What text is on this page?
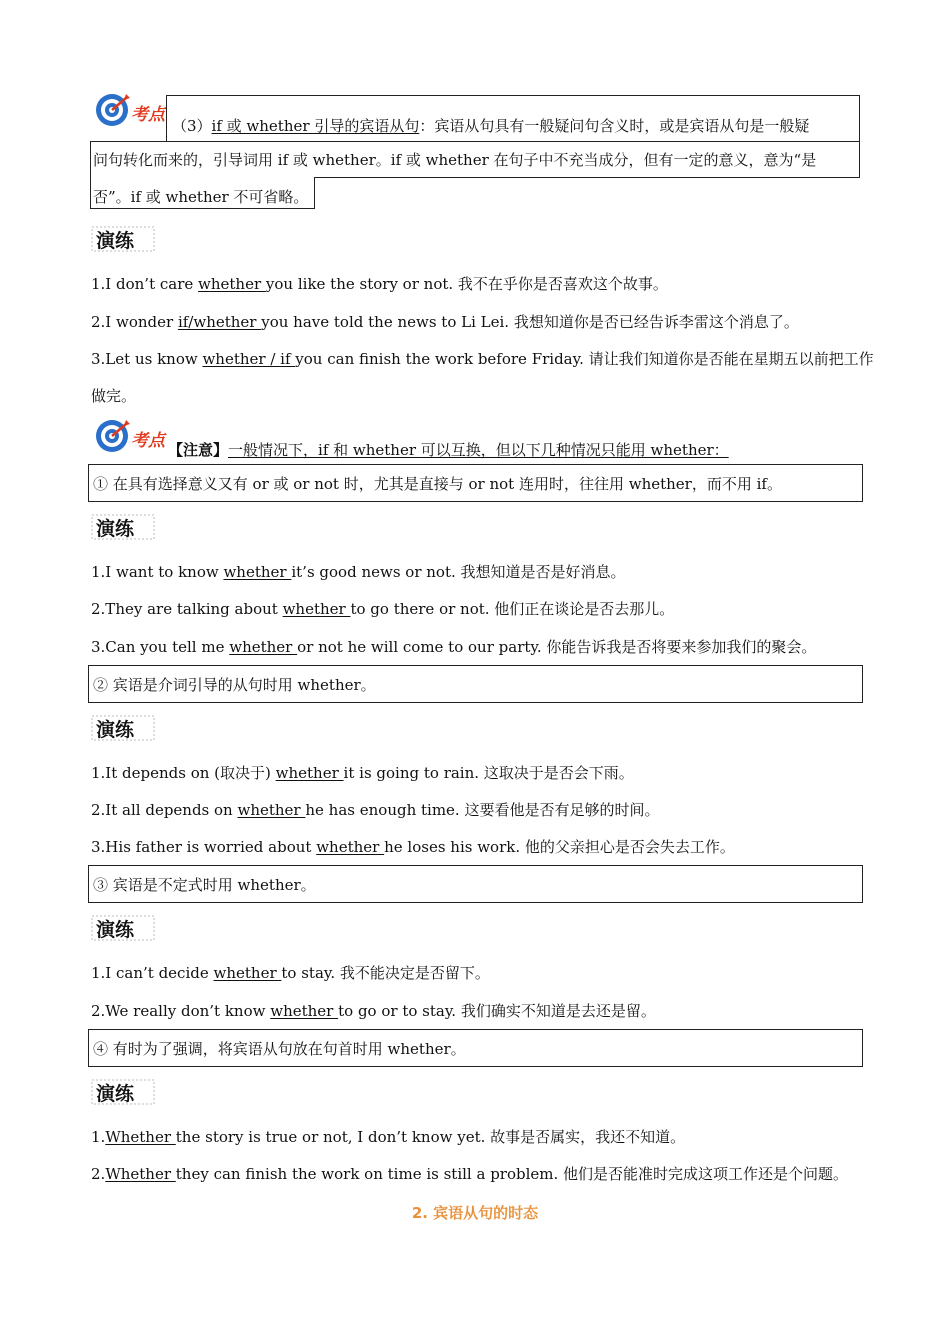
考点
（3）if 或 whether 引导的宾语从句：宾语从句具有一般疑问句含义时，或是宾语从句是一般疑
问句转化而来的，引导词用 if 或 whether。if 或 whether 在句子中不充当成分，但有一定的意义，意为“是
否”。if 或 whether 不可省略。
演练
1.I don’t care whether you like the story or not. 我不在乎你是否喜欢这个故事。
2.I wonder if/whether you have told the news to Li Lei. 我想知道你是否已经告诉李雷这个消息了。
3.Let us know whether / if you can finish the work before Friday. 请让我们知道你是否能在星期五以前把工作
做完。
考点 【注意】一般情况下，if 和 whether 可以互换，但以下几种情况只能用 whether：
① 在具有选择意义又有 or 或 or not 时，尤其是直接与 or not 连用时，往往用 whether，而不用 if。
演练
1.I want to know whether it’s good news or not. 我想知道是否是好消息。
2.They are talking about whether to go there or not. 他们正在谈论是否去那儿。
3.Can you tell me whether or not he will come to our party. 你能告诉我是否将要来参加我们的聚会。
② 宾语是介词引导的从句时用 whether。
演练
1.It depends on (取决于) whether it is going to rain. 这取决于是否会下雨。
2.It all depends on whether he has enough time. 这要看他是否有足够的时间。
3.His father is worried about whether he loses his work. 他的父亲担心是否会失去工作。
③ 宾语是不定式时用 whether。
演练
1.I can’t decide whether to stay. 我不能决定是否留下。
2.We really don’t know whether to go or to stay. 我们确实不知道是去还是留。
④ 有时为了强调，将宾语从句放在句首时用 whether。
演练
1.Whether the story is true or not, I don’t know yet. 故事是否属实，我还不知道。
2.Whether they can finish the work on time is still a problem. 他们是否能准时完成这项工作还是个问题。
2. 宾语从句的时态
